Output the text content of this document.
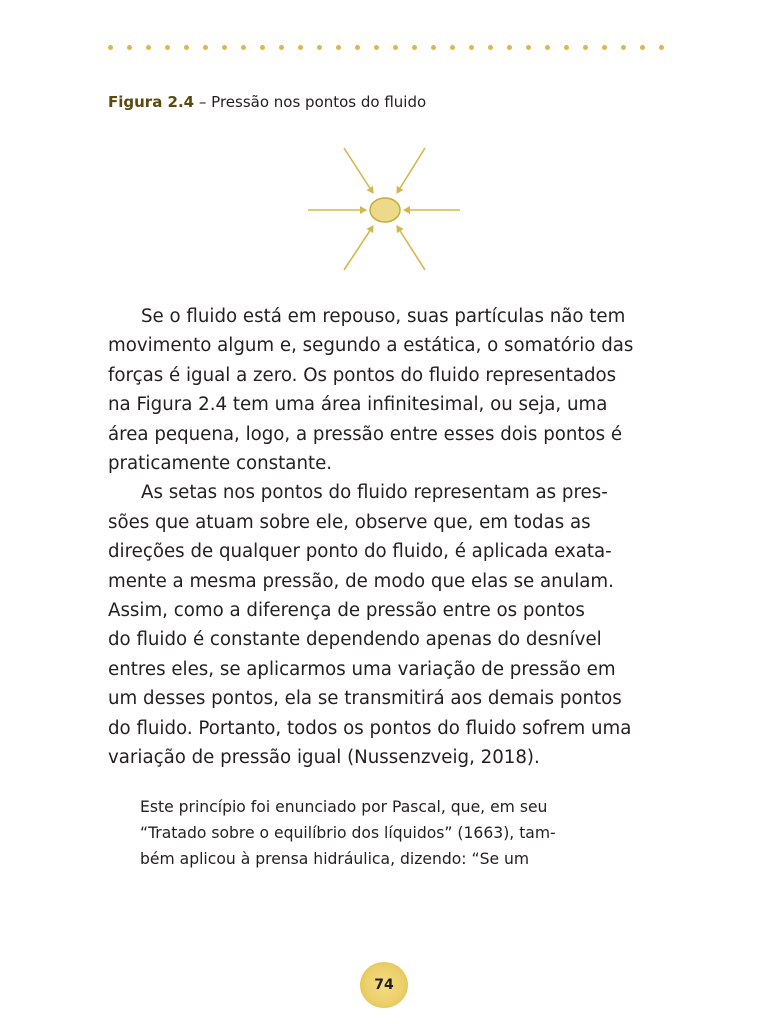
Figura 2.4 – Pressão nos pontos do fluido
Se o fluido está em repouso, suas partículas não tem
movimento algum e, segundo a estática, o somatório das
forças é igual a zero. Os pontos do fluido representados
na Figura 2.4 tem uma área infinitesimal, ou seja, uma
área pequena, logo, a pressão entre esses dois pontos é
praticamente constante.
As setas nos pontos do fluido representam as pres-
sões que atuam sobre ele, observe que, em todas as
direções de qualquer ponto do fluido, é aplicada exata-
mente a mesma pressão, de modo que elas se anulam.
Assim, como a diferença de pressão entre os pontos
do fluido é constante dependendo apenas do desnível
entres eles, se aplicarmos uma variação de pressão em
um desses pontos, ela se transmitirá aos demais pontos
do fluido. Portanto, todos os pontos do fluido sofrem uma
variação de pressão igual (Nussenzveig, 2018).
Este princípio foi enunciado por Pascal, que, em seu
“Tratado sobre o equilíbrio dos líquidos” (1663), tam-
bém aplicou à prensa hidráulica, dizendo: “Se um
74
